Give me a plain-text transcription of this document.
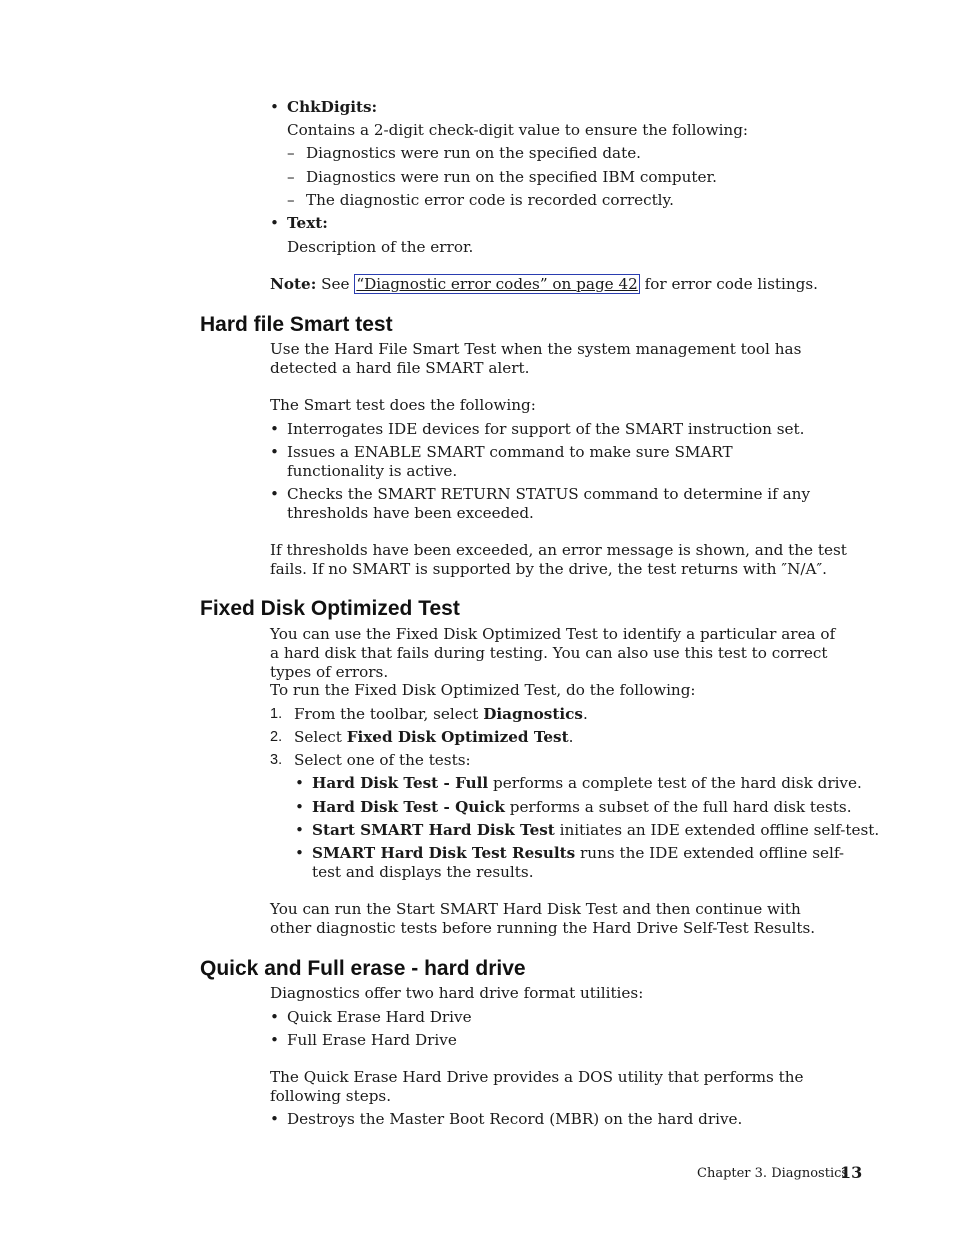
• ChkDigits:
Contains a 2-digit check-digit value to ensure the following:
– Diagnostics were run on the specified date.
– Diagnostics were run on the specified IBM computer.
– The diagnostic error code is recorded correctly.
• Text:
Description of the error.
Note: See “Diagnostic error codes” on page 42 for error code listings.
Hard file Smart test
Use the Hard File Smart Test when the system management tool has detected a hard file SMART alert.
The Smart test does the following:
• Interrogates IDE devices for support of the SMART instruction set.
• Issues a ENABLE SMART command to make sure SMART functionality is active.
• Checks the SMART RETURN STATUS command to determine if any thresholds have been exceeded.
If thresholds have been exceeded, an error message is shown, and the test fails. If no SMART is supported by the drive, the test returns with ″N/A″.
Fixed Disk Optimized Test
You can use the Fixed Disk Optimized Test to identify a particular area of a hard disk that fails during testing. You can also use this test to correct types of errors.
To run the Fixed Disk Optimized Test, do the following:
1. From the toolbar, select Diagnostics.
2. Select Fixed Disk Optimized Test.
3. Select one of the tests:
• Hard Disk Test - Full performs a complete test of the hard disk drive.
• Hard Disk Test - Quick performs a subset of the full hard disk tests.
• Start SMART Hard Disk Test initiates an IDE extended offline self-test.
• SMART Hard Disk Test Results runs the IDE extended offline self-test and displays the results.
You can run the Start SMART Hard Disk Test and then continue with other diagnostic tests before running the Hard Drive Self-Test Results.
Quick and Full erase - hard drive
Diagnostics offer two hard drive format utilities:
• Quick Erase Hard Drive
• Full Erase Hard Drive
The Quick Erase Hard Drive provides a DOS utility that performs the following steps.
• Destroys the Master Boot Record (MBR) on the hard drive.
Chapter 3. Diagnostics
13
